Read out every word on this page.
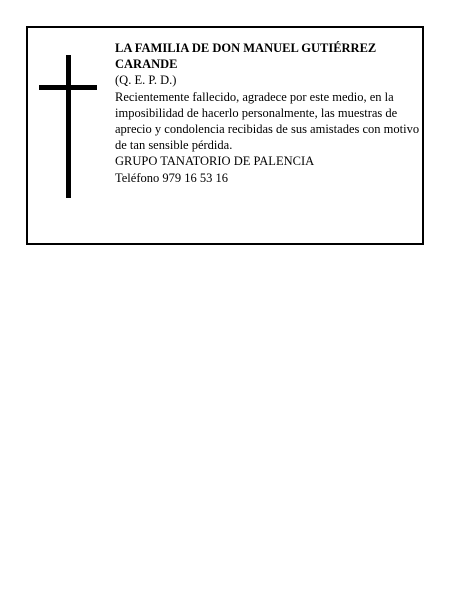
LA FAMILIA DE DON MANUEL GUTIÉRREZ CARANDE

(Q. E. P. D.)

Recientemente fallecido, agradece por este medio, en la imposibilidad de hacerlo personalmente, las muestras de aprecio y condolencia recibidas de sus amistades con motivo de tan sensible pérdida.

GRUPO TANATORIO DE PALENCIA

Teléfono 979 16 53 16
